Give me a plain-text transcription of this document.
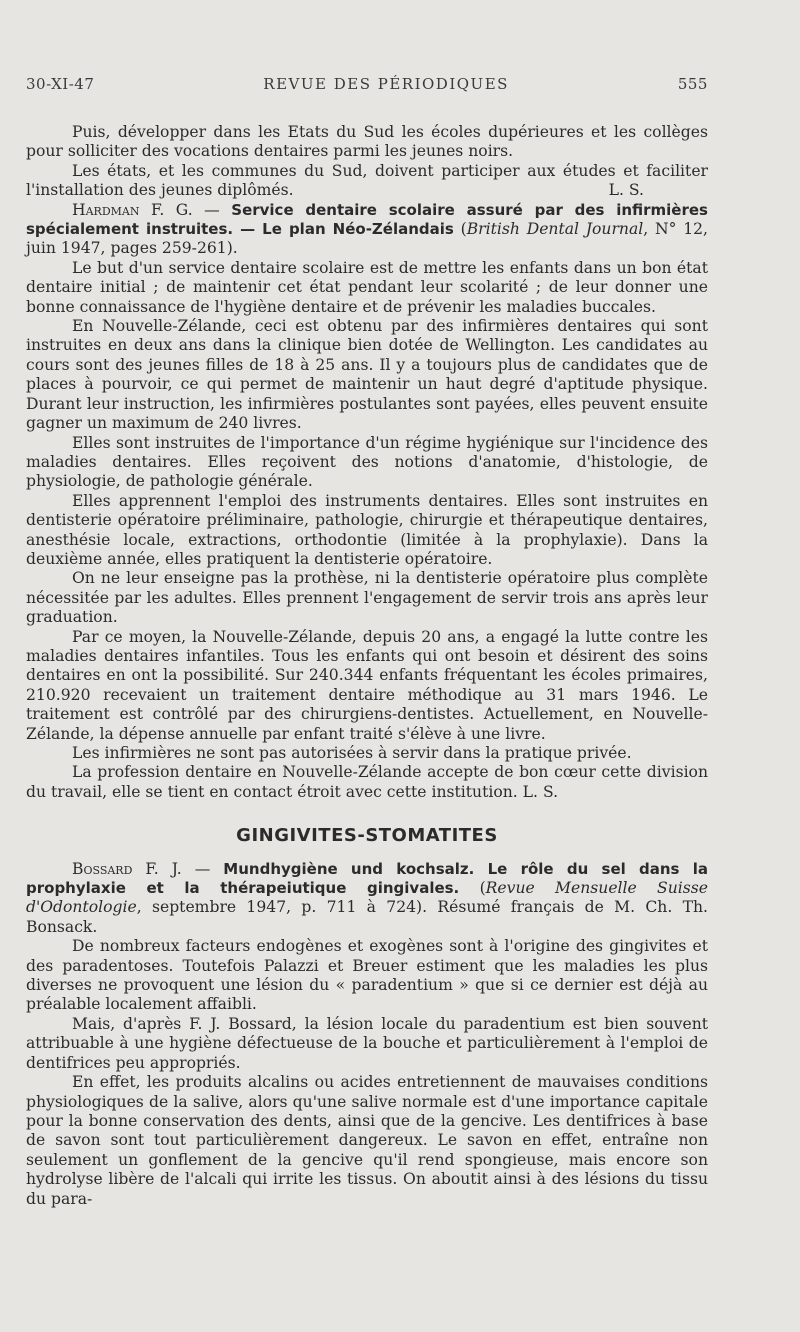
30-XI-47	REVUE DES PÉRIODIQUES	555

Puis, développer dans les Etats du Sud les écoles dupérieures et les collèges pour solliciter des vocations dentaires parmi les jeunes noirs.

Les états, et les communes du Sud, doivent participer aux études et faciliter l'installation des jeunes diplômés.	L. S.

Hardman F. G. — Service dentaire scolaire assuré par des infirmières spécialement instruites. — Le plan Néo-Zélandais (British Dental Journal, N° 12, juin 1947, pages 259-261).

Le but d'un service dentaire scolaire est de mettre les enfants dans un bon état dentaire initial ; de maintenir cet état pendant leur scolarité ; de leur donner une bonne connaissance de l'hygiène dentaire et de prévenir les maladies buccales.

En Nouvelle-Zélande, ceci est obtenu par des infirmières dentaires qui sont instruites en deux ans dans la clinique bien dotée de Wellington. Les candidates au cours sont des jeunes filles de 18 à 25 ans. Il y a toujours plus de candidates que de places à pourvoir, ce qui permet de maintenir un haut degré d'aptitude physique. Durant leur instruction, les infirmières postulantes sont payées, elles peuvent ensuite gagner un maximum de 240 livres.

Elles sont instruites de l'importance d'un régime hygiénique sur l'incidence des maladies dentaires. Elles reçoivent des notions d'anatomie, d'histologie, de physiologie, de pathologie générale.

Elles apprennent l'emploi des instruments dentaires. Elles sont instruites en dentisterie opératoire préliminaire, pathologie, chirurgie et thérapeutique dentaires, anesthésie locale, extractions, orthodontie (limitée à la prophylaxie). Dans la deuxième année, elles pratiquent la dentisterie opératoire.

On ne leur enseigne pas la prothèse, ni la dentisterie opératoire plus complète nécessitée par les adultes. Elles prennent l'engagement de servir trois ans après leur graduation.

Par ce moyen, la Nouvelle-Zélande, depuis 20 ans, a engagé la lutte contre les maladies dentaires infantiles. Tous les enfants qui ont besoin et désirent des soins dentaires en ont la possibilité. Sur 240.344 enfants fréquentant les écoles primaires, 210.920 recevaient un traitement dentaire méthodique au 31 mars 1946. Le traitement est contrôlé par des chirurgiens-dentistes. Actuellement, en Nouvelle-Zélande, la dépense annuelle par enfant traité s'élève à une livre.

Les infirmières ne sont pas autorisées à servir dans la pratique privée.

La profession dentaire en Nouvelle-Zélande accepte de bon cœur cette division du travail, elle se tient en contact étroit avec cette institution. L. S.

GINGIVITES-STOMATITES

Bossard F. J. — Mundhygiène und kochsalz. Le rôle du sel dans la prophylaxie et la thérapeiutique gingivales. (Revue Mensuelle Suisse d'Odontologie, septembre 1947, p. 711 à 724). Résumé français de M. Ch. Th. Bonsack.

De nombreux facteurs endogènes et exogènes sont à l'origine des gingivites et des paradentoses. Toutefois Palazzi et Breuer estiment que les maladies les plus diverses ne provoquent une lésion du « paradentium » que si ce dernier est déjà au préalable localement affaibli.

Mais, d'après F. J. Bossard, la lésion locale du paradentium est bien souvent attribuable à une hygiène défectueuse de la bouche et particulièrement à l'emploi de dentifrices peu appropriés.

En effet, les produits alcalins ou acides entretiennent de mauvaises conditions physiologiques de la salive, alors qu'une salive normale est d'une importance capitale pour la bonne conservation des dents, ainsi que de la gencive. Les dentifrices à base de savon sont tout particulièrement dangereux. Le savon en effet, entraîne non seulement un gonflement de la gencive qu'il rend spongieuse, mais encore son hydrolyse libère de l'alcali qui irrite les tissus. On aboutit ainsi à des lésions du tissu du para-
